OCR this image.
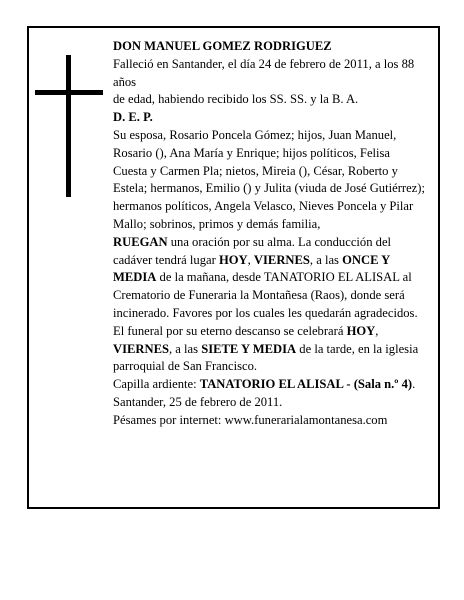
DON MANUEL GOMEZ RODRIGUEZ

Falleció en Santander, el día 24 de febrero de 2011, a los 88 años

de edad, habiendo recibido los SS. SS. y la B. A.

D. E. P.

Su esposa, Rosario Poncela Gómez; hijos, Juan Manuel, Rosario (), Ana María y Enrique; hijos políticos, Felisa Cuesta y Carmen Pla; nietos, Mireia (), César, Roberto y Estela; hermanos, Emilio () y Julita (viuda de José Gutiérrez); hermanos políticos, Angela Velasco, Nieves Poncela y Pilar Mallo; sobrinos, primos y demás familia,

RUEGAN una oración por su alma. La conducción del cadáver tendrá lugar HOY, VIERNES, a las ONCE Y MEDIA de la mañana, desde TANATORIO EL ALISAL al Crematorio de Funeraria la Montañesa (Raos), donde será incinerado. Favores por los cuales les quedarán agradecidos. El funeral por su eterno descanso se celebrará HOY, VIERNES, a las SIETE Y MEDIA de la tarde, en la iglesia parroquial de San Francisco.

Capilla ardiente: TANATORIO EL ALISAL - (Sala n.º 4).

Santander, 25 de febrero de 2011.

Pésames por internet: www.funerarialamontanesa.com
